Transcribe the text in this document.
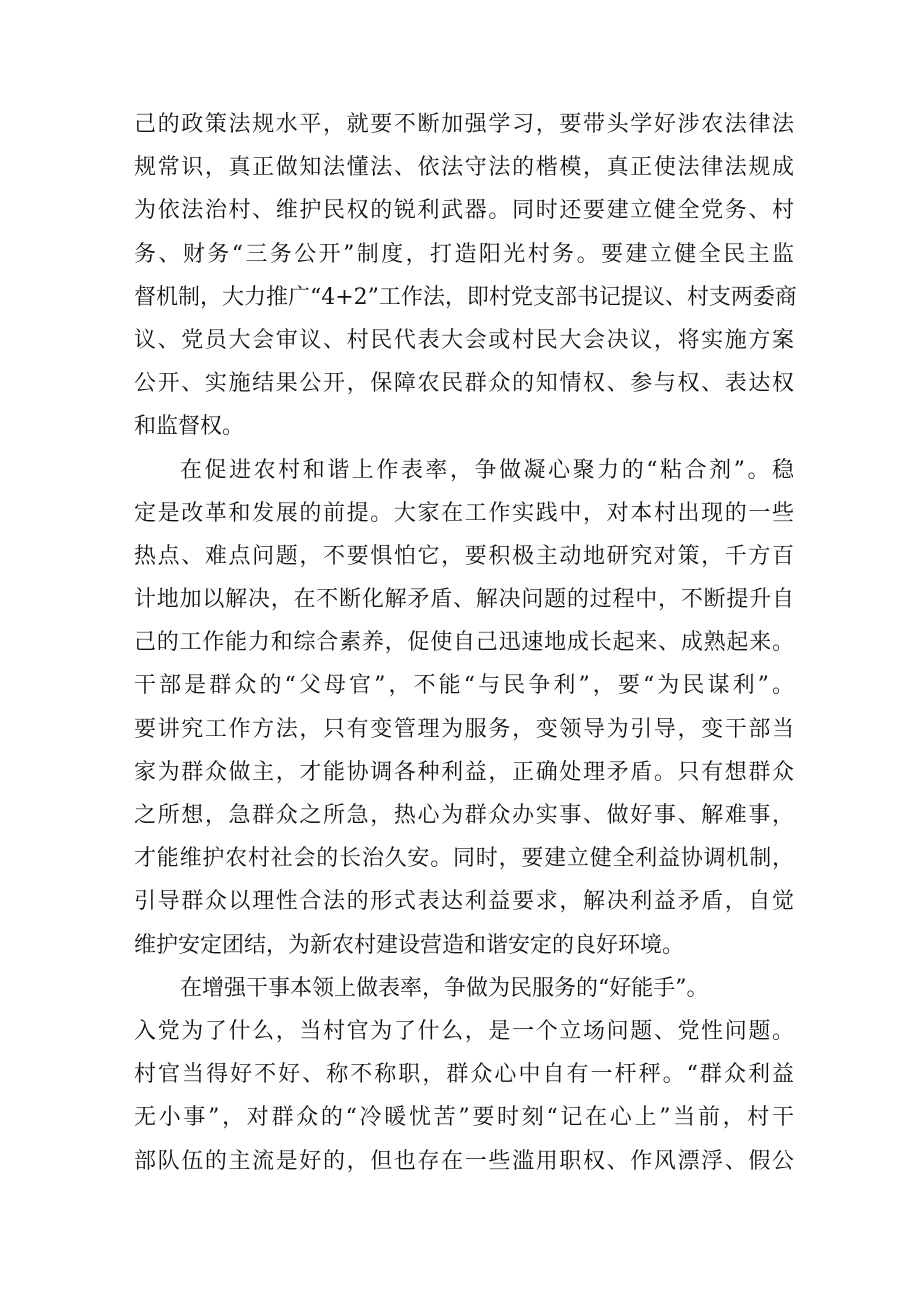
己的政策法规水平，就要不断加强学习，要带头学好涉农法律法
规常识，真正做知法懂法、依法守法的楷模，真正使法律法规成
为依法治村、维护民权的锐利武器。同时还要建立健全党务、村
务、财务“三务公开”制度，打造阳光村务。要建立健全民主监
督机制，大力推广“4+2”工作法，即村党支部书记提议、村支两委商
议、党员大会审议、村民代表大会或村民大会决议，将实施方案
公开、实施结果公开，保障农民群众的知情权、参与权、表达权
和监督权。
在促进农村和谐上作表率，争做凝心聚力的“粘合剂”。稳
定是改革和发展的前提。大家在工作实践中，对本村出现的一些
热点、难点问题，不要惧怕它，要积极主动地研究对策，千方百
计地加以解决，在不断化解矛盾、解决问题的过程中，不断提升自
己的工作能力和综合素养，促使自己迅速地成长起来、成熟起来。
干部是群众的“父母官”，不能“与民争利”，要“为民谋利”。
要讲究工作方法，只有变管理为服务，变领导为引导，变干部当
家为群众做主，才能协调各种利益，正确处理矛盾。只有想群众
之所想，急群众之所急，热心为群众办实事、做好事、解难事，
才能维护农村社会的长治久安。同时，要建立健全利益协调机制，
引导群众以理性合法的形式表达利益要求，解决利益矛盾，自觉
维护安定团结，为新农村建设营造和谐安定的良好环境。
在增强干事本领上做表率，争做为民服务的“好能手”。
入党为了什么，当村官为了什么，是一个立场问题、党性问题。
村官当得好不好、称不称职，群众心中自有一杆秤。“群众利益
无小事”，对群众的“冷暖忧苦”要时刻“记在心上”当前，村干
部队伍的主流是好的，但也存在一些滥用职权、作风漂浮、假公
